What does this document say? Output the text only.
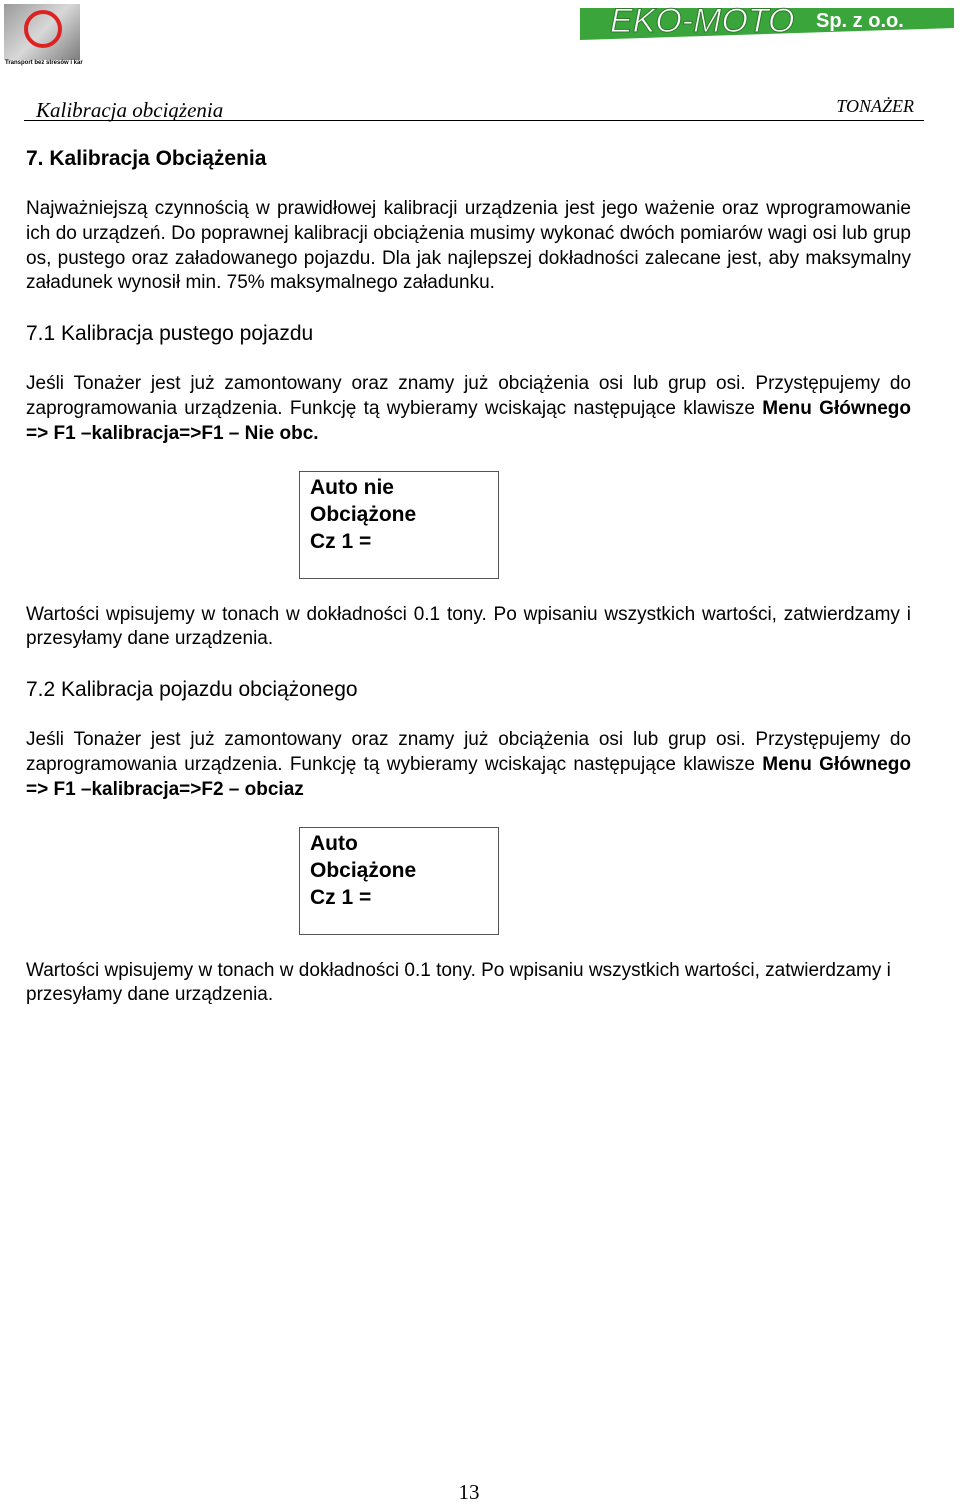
Transport bez stresów i kar
EKO-MOTO Sp. z o.o.
Kalibracja obciążenia	TONAŻER
7. Kalibracja Obciążenia

Najważniejszą czynnością w prawidłowej kalibracji urządzenia jest jego ważenie oraz wprogramowanie ich do urządzeń. Do poprawnej kalibracji obciążenia musimy wykonać dwóch pomiarów wagi osi lub grup os, pustego oraz załadowanego pojazdu. Dla jak najlepszej dokładności zalecane jest, aby maksymalny załadunek wynosił min. 75% maksymalnego załadunku.

7.1 Kalibracja pustego pojazdu

Jeśli Tonażer jest już zamontowany oraz znamy już obciążenia osi lub grup osi. Przystępujemy do zaprogramowania urządzenia. Funkcję tą wybieramy wciskając następujące klawisze Menu Głównego => F1 –kalibracja=>F1 – Nie obc.

Auto nie
Obciążone
Cz 1 =

Wartości wpisujemy w tonach w dokładności 0.1 tony. Po wpisaniu wszystkich wartości, zatwierdzamy i przesyłamy dane urządzenia.

7.2 Kalibracja pojazdu obciążonego

Jeśli Tonażer jest już zamontowany oraz znamy już obciążenia osi lub grup osi. Przystępujemy do zaprogramowania urządzenia. Funkcję tą wybieramy wciskając następujące klawisze Menu Głównego => F1 –kalibracja=>F2 – obciaz

Auto
Obciążone
Cz 1 =

Wartości wpisujemy w tonach w dokładności 0.1 tony. Po wpisaniu wszystkich wartości, zatwierdzamy i przesyłamy dane urządzenia.

13
